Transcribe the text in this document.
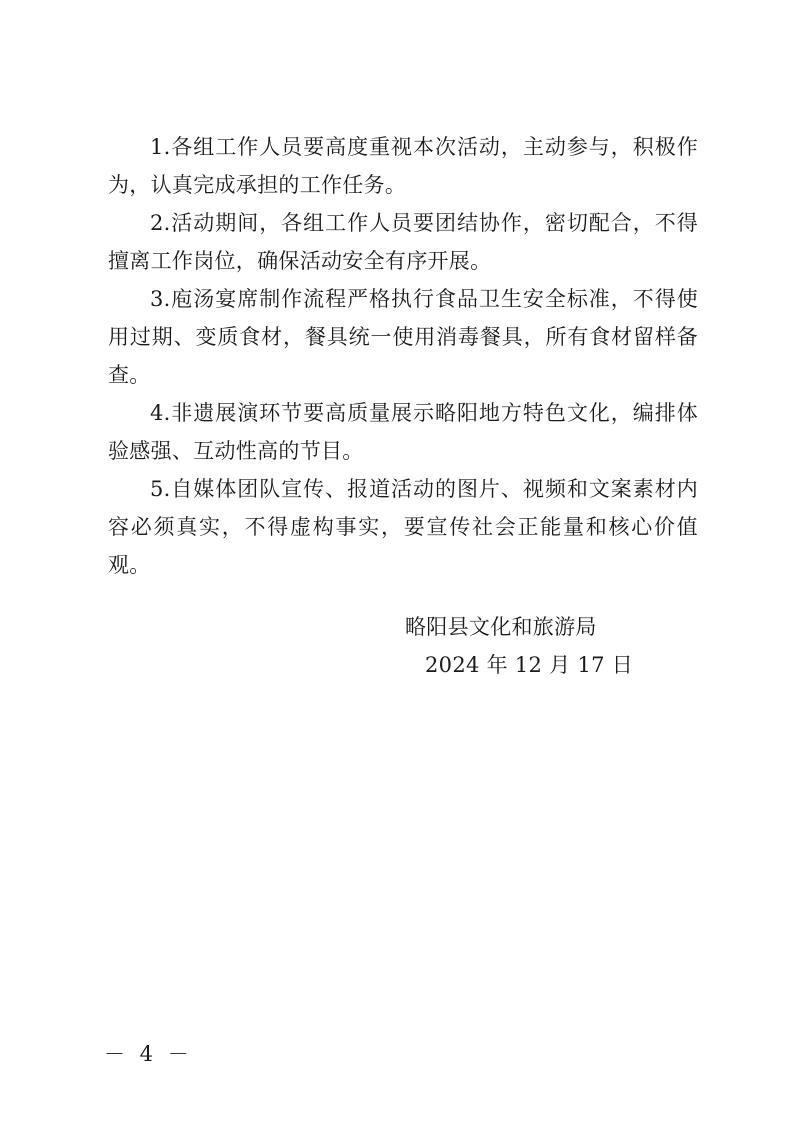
1.各组工作人员要高度重视本次活动，主动参与，积极作为，认真完成承担的工作任务。

2.活动期间，各组工作人员要团结协作，密切配合，不得擅离工作岗位，确保活动安全有序开展。

3.庖汤宴席制作流程严格执行食品卫生安全标准，不得使用过期、变质食材，餐具统一使用消毒餐具，所有食材留样备查。

4.非遗展演环节要高质量展示略阳地方特色文化，编排体验感强、互动性高的节目。

5.自媒体团队宣传、报道活动的图片、视频和文案素材内容必须真实，不得虚构事实，要宣传社会正能量和核心价值观。

略阳县文化和旅游局
2024 年 12 月 17 日
－ 4 －
